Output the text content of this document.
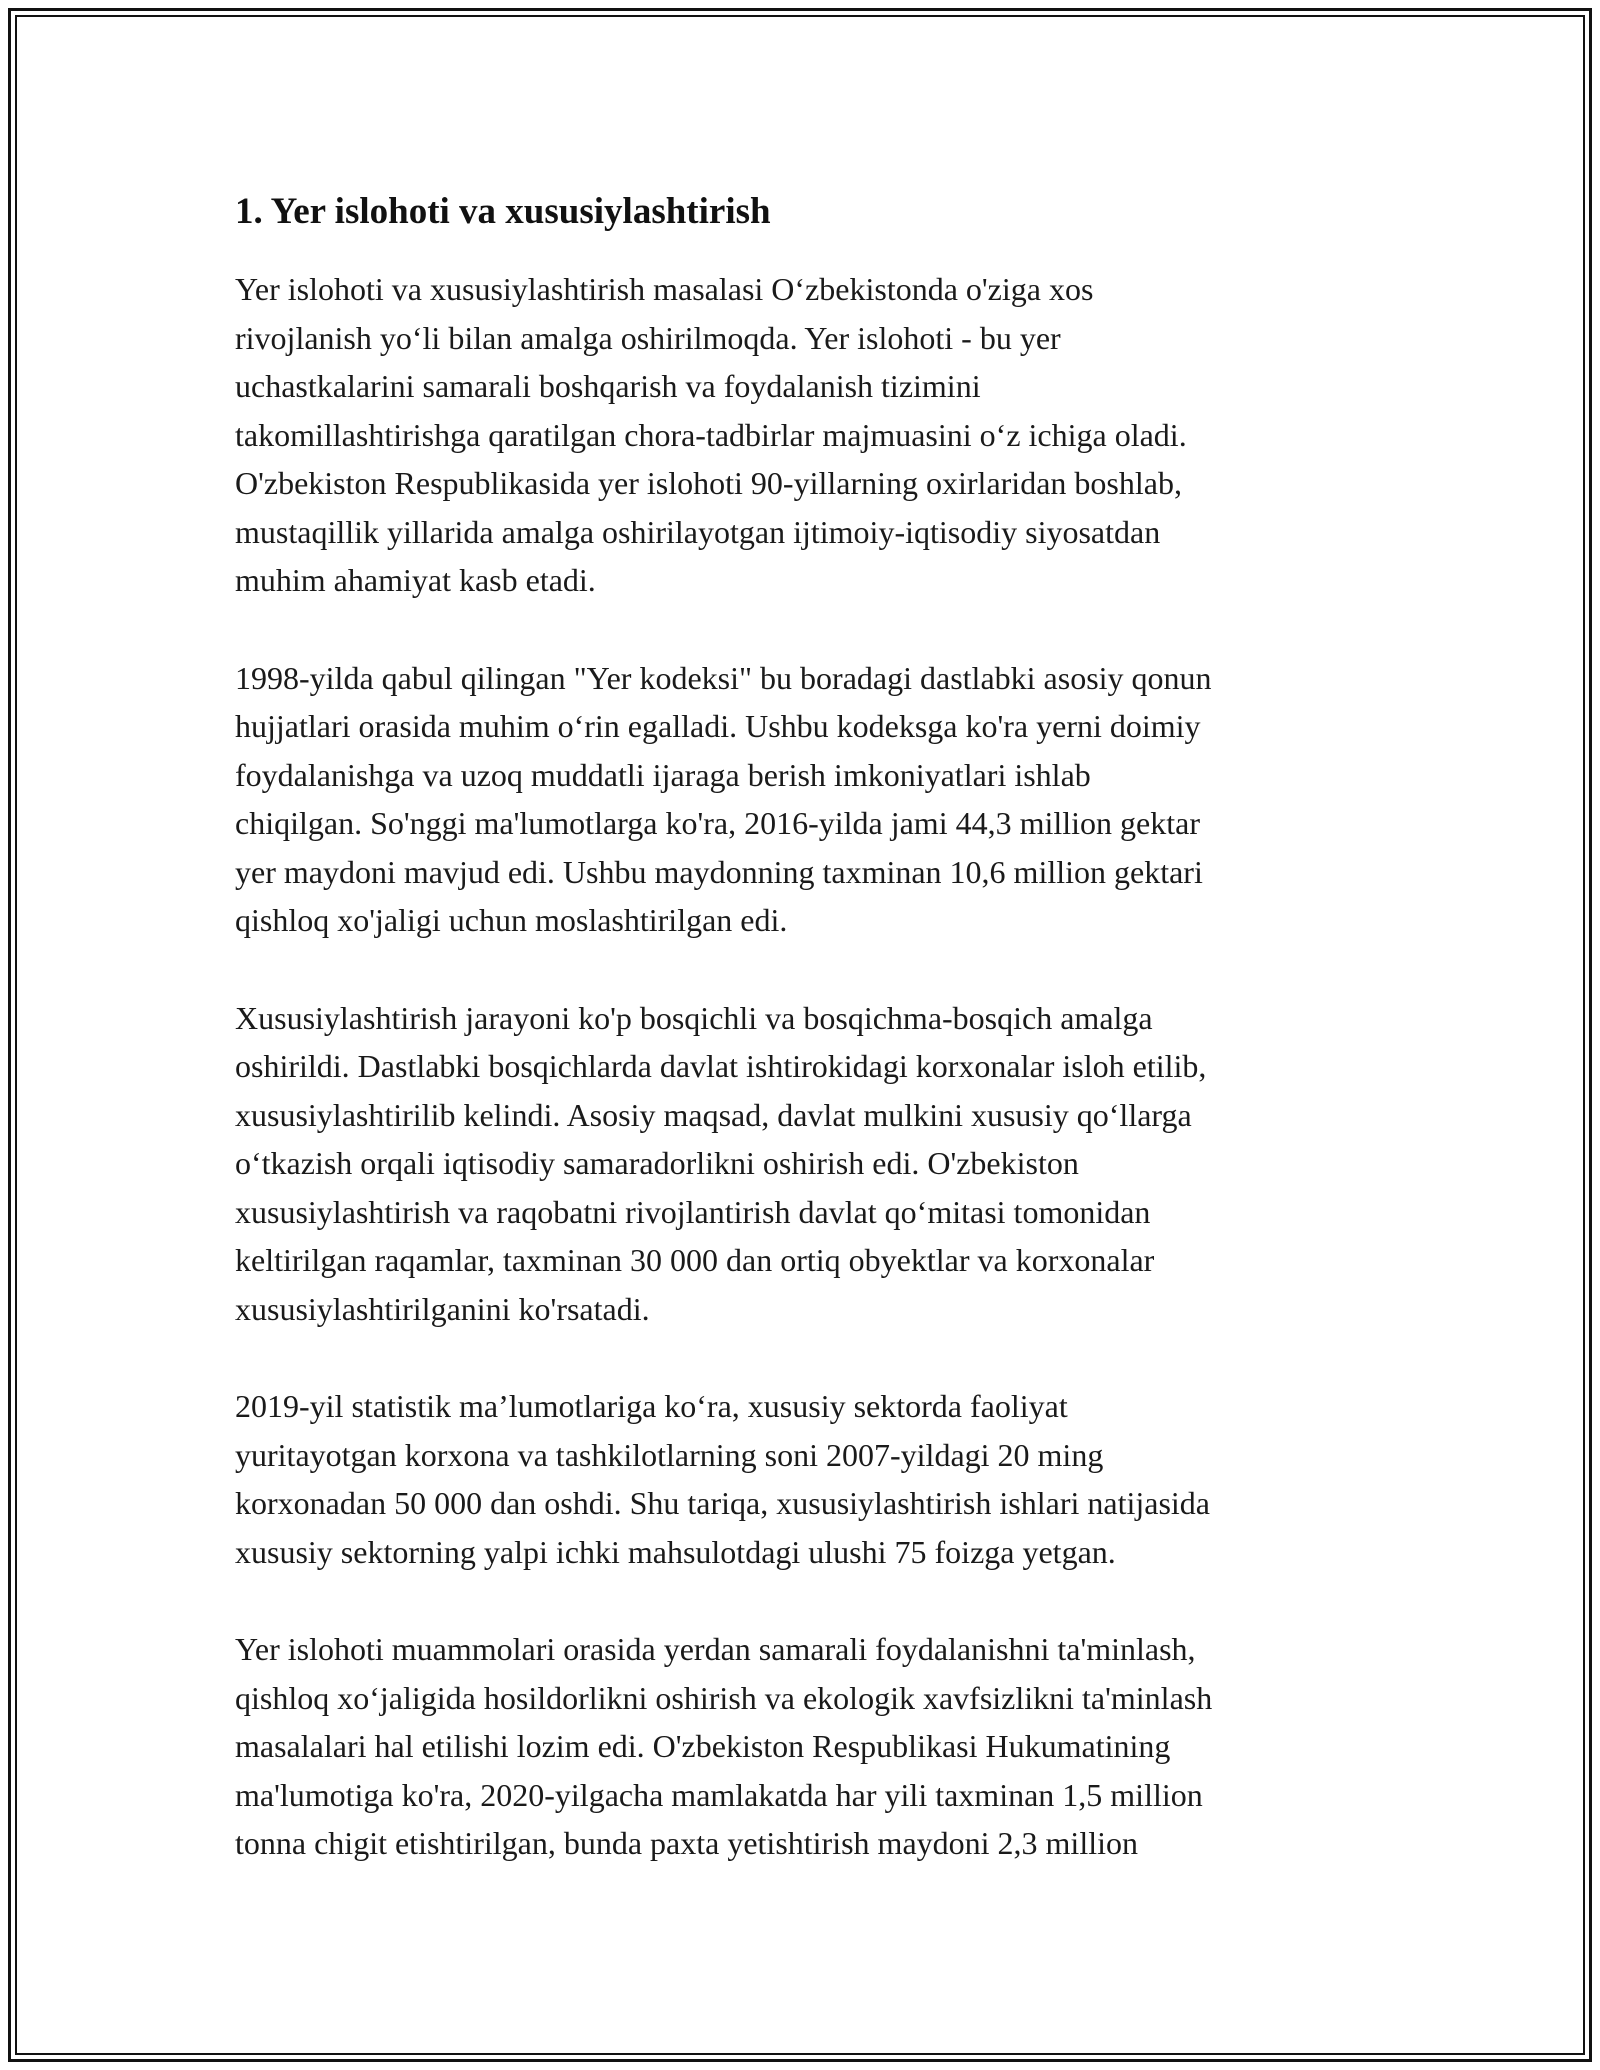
1. Yer islohoti va xususiylashtirish

Yer islohoti va xususiylashtirish masalasi O‘zbekistonda o'ziga xos
rivojlanish yo‘li bilan amalga oshirilmoqda. Yer islohoti - bu yer
uchastkalarini samarali boshqarish va foydalanish tizimini
takomillashtirishga qaratilgan chora-tadbirlar majmuasini o‘z ichiga oladi.
O'zbekiston Respublikasida yer islohoti 90-yillarning oxirlaridan boshlab,
mustaqillik yillarida amalga oshirilayotgan ijtimoiy-iqtisodiy siyosatdan
muhim ahamiyat kasb etadi.

1998-yilda qabul qilingan "Yer kodeksi" bu boradagi dastlabki asosiy qonun
hujjatlari orasida muhim o‘rin egalladi. Ushbu kodeksga ko'ra yerni doimiy
foydalanishga va uzoq muddatli ijaraga berish imkoniyatlari ishlab
chiqilgan. So'nggi ma'lumotlarga ko'ra, 2016-yilda jami 44,3 million gektar
yer maydoni mavjud edi. Ushbu maydonning taxminan 10,6 million gektari
qishloq xo'jaligi uchun moslashtirilgan edi.

Xususiylashtirish jarayoni ko'p bosqichli va bosqichma-bosqich amalga
oshirildi. Dastlabki bosqichlarda davlat ishtirokidagi korxonalar isloh etilib,
xususiylashtirilib kelindi. Asosiy maqsad, davlat mulkini xususiy qo‘llarga
o‘tkazish orqali iqtisodiy samaradorlikni oshirish edi. O'zbekiston
xususiylashtirish va raqobatni rivojlantirish davlat qo‘mitasi tomonidan
keltirilgan raqamlar, taxminan 30 000 dan ortiq obyektlar va korxonalar
xususiylashtirilganini ko'rsatadi.

2019-yil statistik ma’lumotlariga ko‘ra, xususiy sektorda faoliyat
yuritayotgan korxona va tashkilotlarning soni 2007-yildagi 20 ming
korxonadan 50 000 dan oshdi. Shu tariqa, xususiylashtirish ishlari natijasida
xususiy sektorning yalpi ichki mahsulotdagi ulushi 75 foizga yetgan.

Yer islohoti muammolari orasida yerdan samarali foydalanishni ta'minlash,
qishloq xo‘jaligida hosildorlikni oshirish va ekologik xavfsizlikni ta'minlash
masalalari hal etilishi lozim edi. O'zbekiston Respublikasi Hukumatining
ma'lumotiga ko'ra, 2020-yilgacha mamlakatda har yili taxminan 1,5 million
tonna chigit etishtirilgan, bunda paxta yetishtirish maydoni 2,3 million
